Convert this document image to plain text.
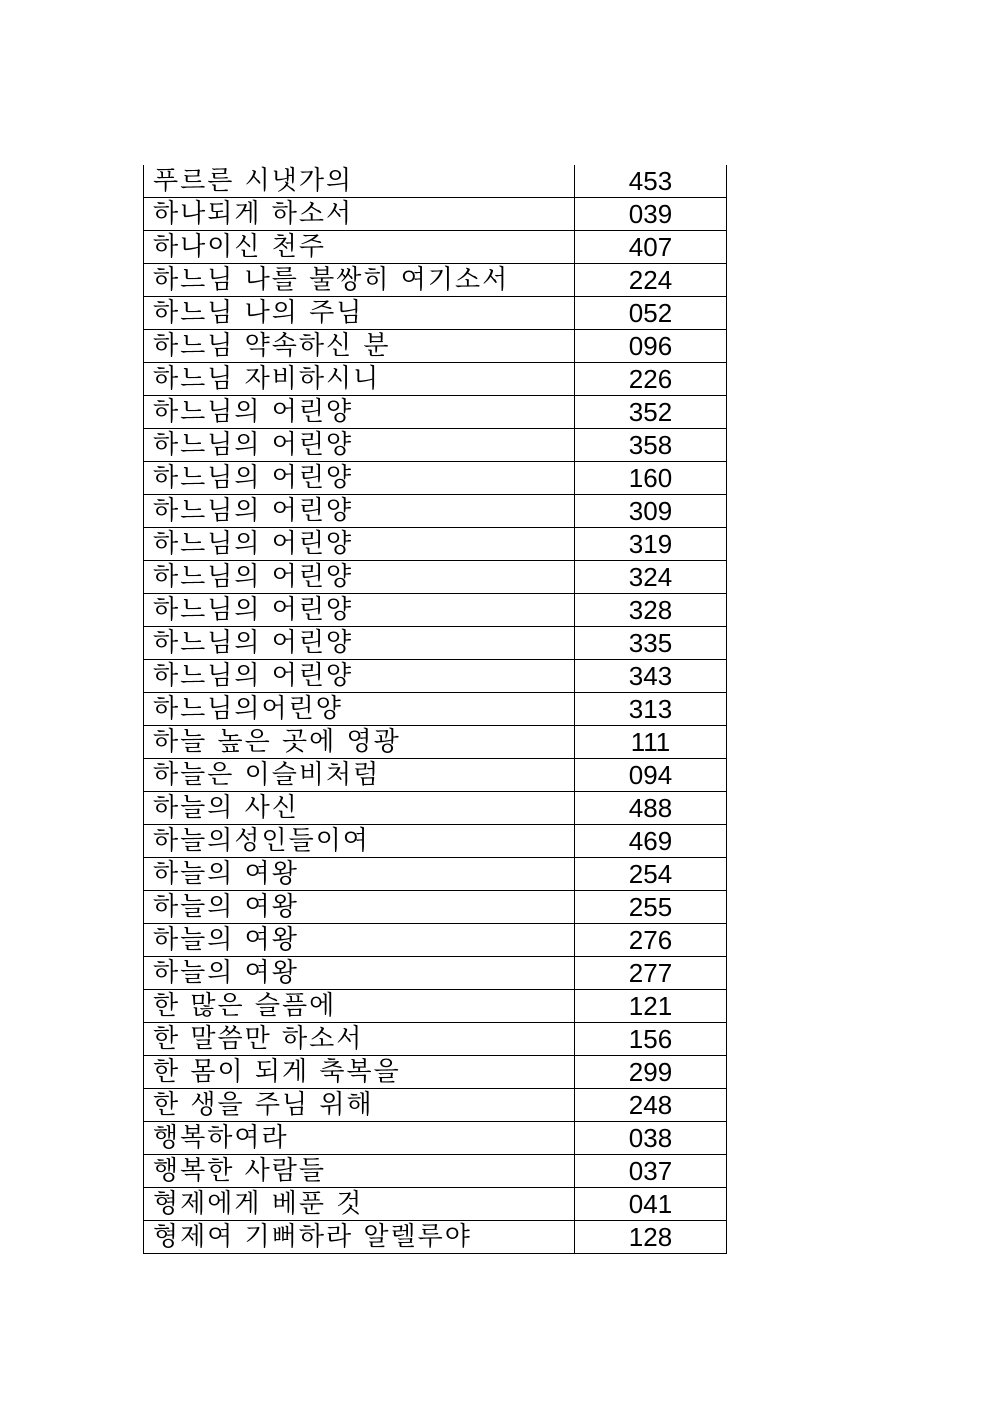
푸르른 시냇가의	453
하나되게 하소서	039
하나이신 천주	407
하느님 나를 불쌍히 여기소서	224
하느님 나의 주님	052
하느님 약속하신 분	096
하느님 자비하시니	226
하느님의 어린양	352
하느님의 어린양	358
하느님의 어린양	160
하느님의 어린양	309
하느님의 어린양	319
하느님의 어린양	324
하느님의 어린양	328
하느님의 어린양	335
하느님의 어린양	343
하느님의어린양	313
하늘 높은 곳에 영광	111
하늘은 이슬비처럼	094
하늘의 사신	488
하늘의성인들이여	469
하늘의 여왕	254
하늘의 여왕	255
하늘의 여왕	276
하늘의 여왕	277
한 많은 슬픔에	121
한 말씀만 하소서	156
한 몸이 되게 축복을	299
한 생을 주님 위해	248
행복하여라	038
행복한 사람들	037
형제에게 베푼 것	041
형제여 기뻐하라 알렐루야	128
